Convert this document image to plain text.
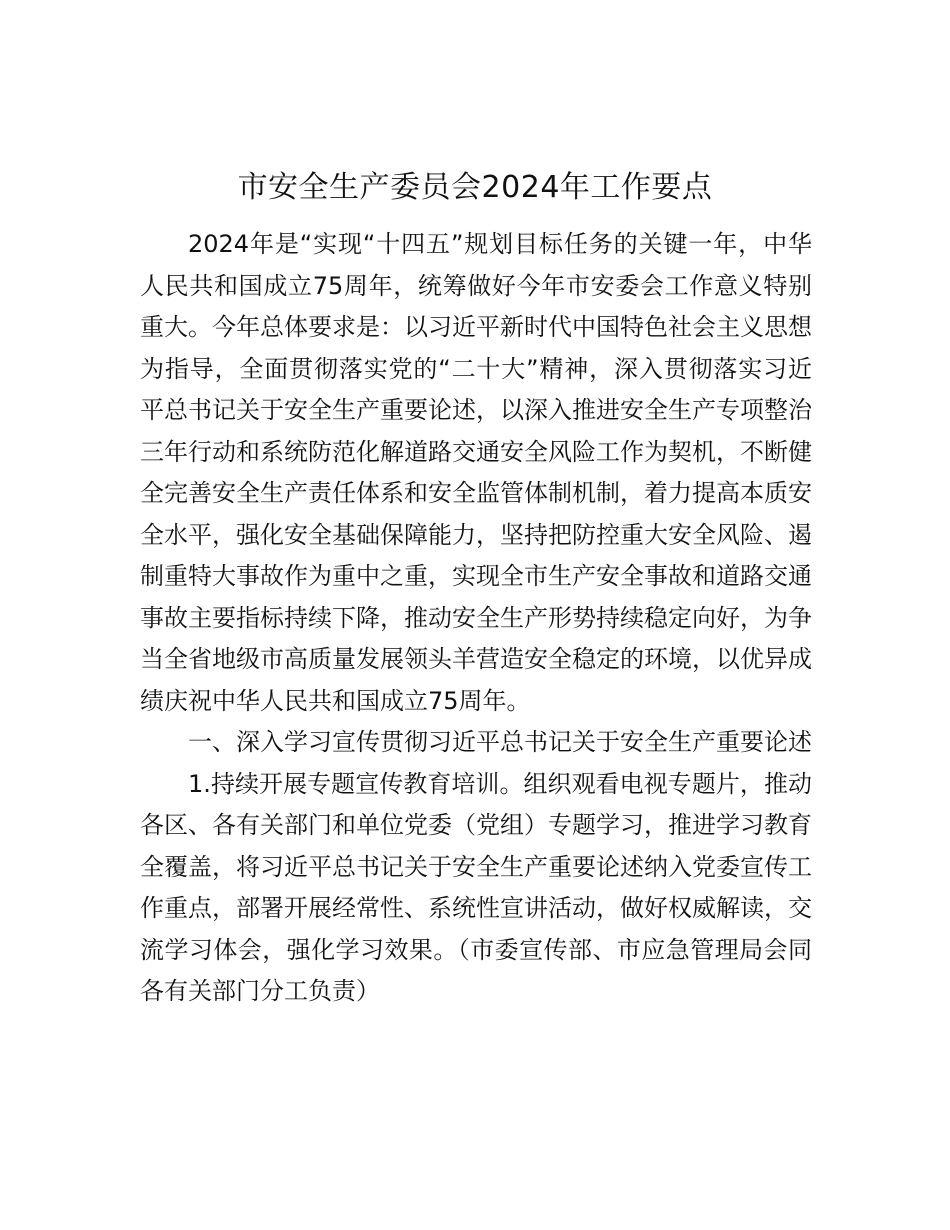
市安全生产委员会2024年工作要点

2024年是“实现“十四五”规划目标任务的关键一年，中华人民共和国成立75周年，统筹做好今年市安委会工作意义特别重大。今年总体要求是：以习近平新时代中国特色社会主义思想为指导，全面贯彻落实党的“二十大”精神，深入贯彻落实习近平总书记关于安全生产重要论述，以深入推进安全生产专项整治三年行动和系统防范化解道路交通安全风险工作为契机，不断健全完善安全生产责任体系和安全监管体制机制，着力提高本质安全水平，强化安全基础保障能力，坚持把防控重大安全风险、遏制重特大事故作为重中之重，实现全市生产安全事故和道路交通事故主要指标持续下降，推动安全生产形势持续稳定向好，为争当全省地级市高质量发展领头羊营造安全稳定的环境，以优异成绩庆祝中华人民共和国成立75周年。

一、深入学习宣传贯彻习近平总书记关于安全生产重要论述

1.持续开展专题宣传教育培训。组织观看电视专题片，推动各区、各有关部门和单位党委（党组）专题学习，推进学习教育全覆盖，将习近平总书记关于安全生产重要论述纳入党委宣传工作重点，部署开展经常性、系统性宣讲活动，做好权威解读，交流学习体会，强化学习效果。（市委宣传部、市应急管理局会同各有关部门分工负责）
